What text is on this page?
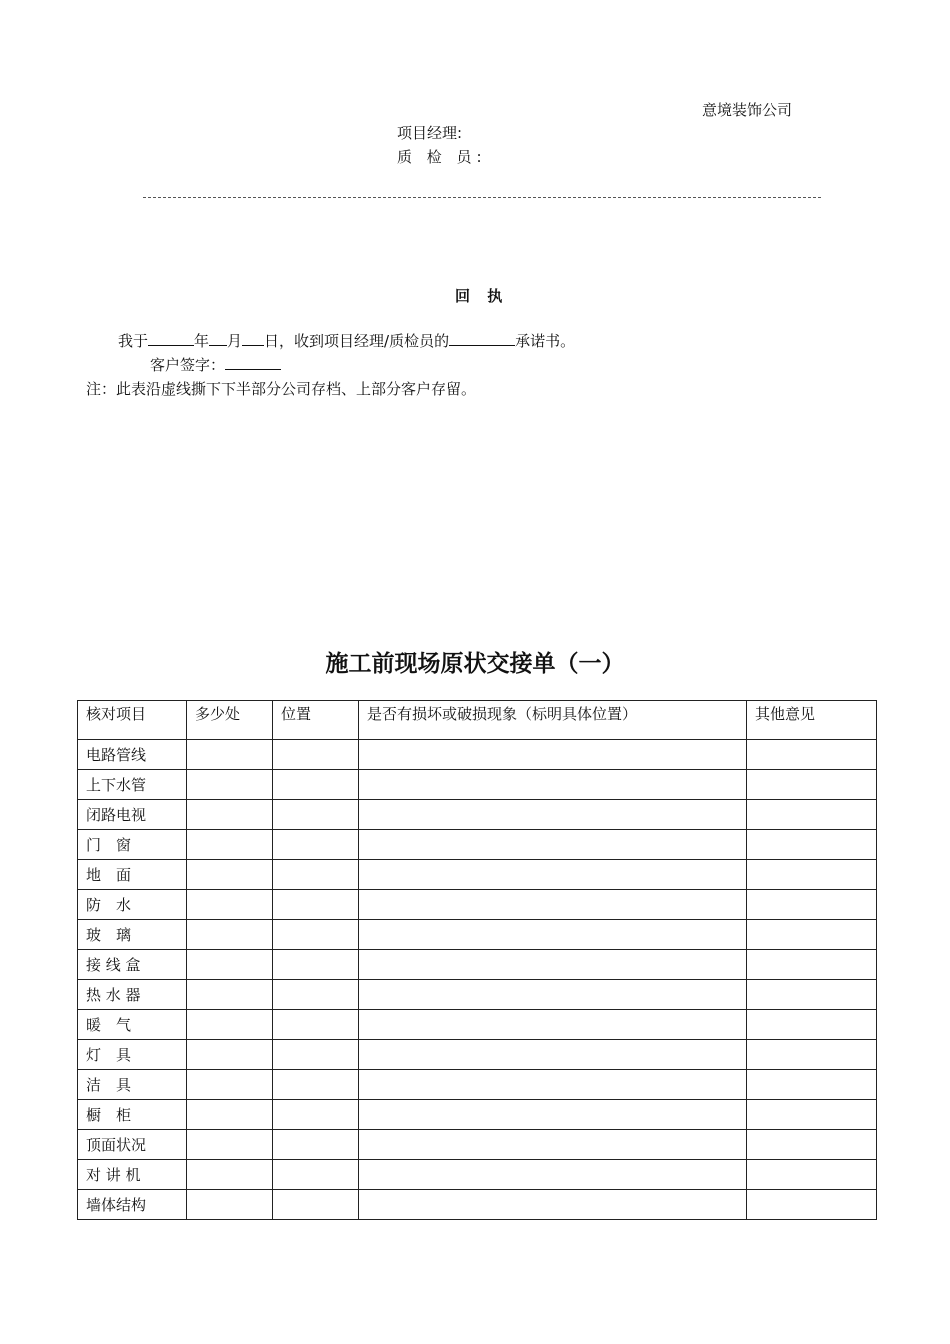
意境装饰公司
项目经理:
质 检 员:
回 执
我于	年 月 日，收到项目经理/质检员的	承诺书。
客户签字：
注：此表沿虚线撕下下半部分公司存档、上部分客户存留。
施工前现场原状交接单（一）
核对项目	多少处	位置	是否有损坏或破损现象（标明具体位置）	其他意见
电路管线				
上下水管				
闭路电视				
门　窗				
地　面				
防　水				
玻　璃				
接 线 盒				
热 水 器				
暖　气				
灯　具				
洁　具				
橱　柜				
顶面状况				
对 讲 机				
墙体结构				
